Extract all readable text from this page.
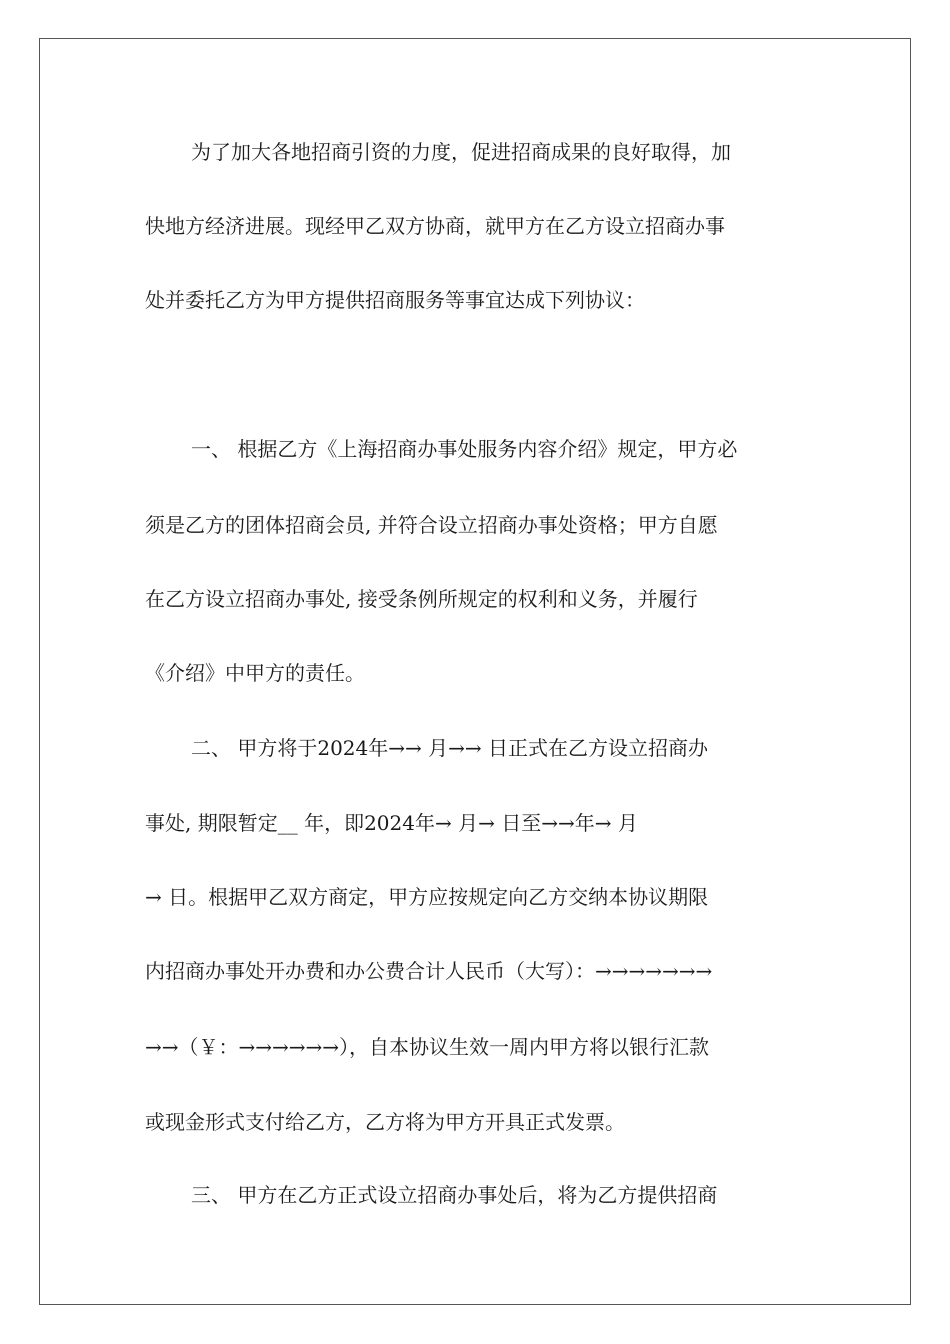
为了加大各地招商引资的力度，促进招商成果的良好取得，加
快地方经济进展。现经甲乙双方协商，就甲方在乙方设立招商办事
处并委托乙方为甲方提供招商服务等事宜达成下列协议：
一、 根据乙方《上海招商办事处服务内容介绍》规定，甲方必
须是乙方的团体招商会员, 并符合设立招商办事处资格；甲方自愿
在乙方设立招商办事处, 接受条例所规定的权利和义务，并履行
《介绍》中甲方的责任。
二、 甲方将于2024年→→ 月→→ 日正式在乙方设立招商办
事处, 期限暂定__ 年，即2024年→ 月→ 日至→→年→ 月
→ 日。根据甲乙双方商定，甲方应按规定向乙方交纳本协议期限
内招商办事处开办费和办公费合计人民币（大写）：→→→→→→→
→→（￥：→→→→→→），自本协议生效一周内甲方将以银行汇款
或现金形式支付给乙方，乙方将为甲方开具正式发票。
三、 甲方在乙方正式设立招商办事处后，将为乙方提供招商
